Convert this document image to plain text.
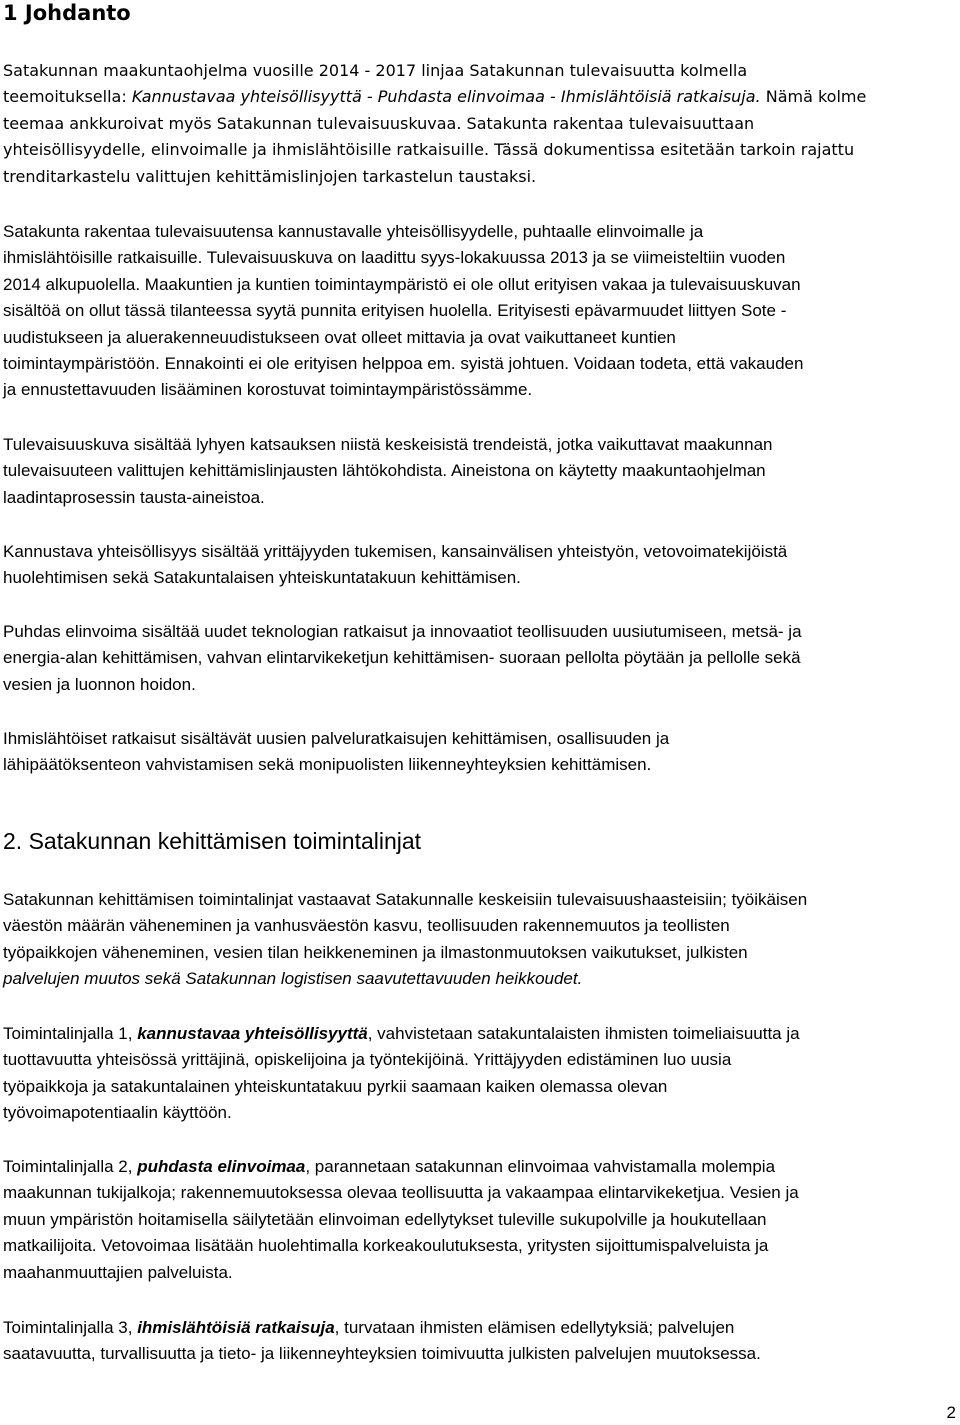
1 Johdanto
Satakunnan maakuntaohjelma vuosille 2014 - 2017 linjaa Satakunnan tulevaisuutta kolmella
teemoituksella: Kannustavaa yhteisöllisyyttä - Puhdasta elinvoimaa - Ihmislähtöisiä ratkaisuja. Nämä kolme
teemaa ankkuroivat myös Satakunnan tulevaisuuskuvaa. Satakunta rakentaa tulevaisuuttaan
yhteisöllisyydelle, elinvoimalle ja ihmislähtöisille ratkaisuille. Tässä dokumentissa esitetään tarkoin rajattu
trenditarkastelu valittujen kehittämislinjojen tarkastelun taustaksi.
Satakunta rakentaa tulevaisuutensa kannustavalle yhteisöllisyydelle, puhtaalle elinvoimalle ja
ihmislähtöisille ratkaisuille. Tulevaisuuskuva on laadittu syys-lokakuussa 2013 ja se viimeisteltiin vuoden
2014 alkupuolella. Maakuntien ja kuntien toimintaympäristö ei ole ollut erityisen vakaa ja tulevaisuuskuvan
sisältöä on ollut tässä tilanteessa syytä punnita erityisen huolella. Erityisesti epävarmuudet liittyen Sote -
uudistukseen ja aluerakenneuudistukseen ovat olleet mittavia ja ovat vaikuttaneet kuntien
toimintaympäristöön. Ennakointi ei ole erityisen helppoa em. syistä johtuen. Voidaan todeta, että vakauden
ja ennustettavuuden lisääminen korostuvat toimintaympäristössämme.
Tulevaisuuskuva sisältää lyhyen katsauksen niistä keskeisistä trendeistä, jotka vaikuttavat maakunnan
tulevaisuuteen valittujen kehittämislinjausten lähtökohdista. Aineistona on käytetty maakuntaohjelman
laadintaprosessin tausta-aineistoa.
Kannustava yhteisöllisyys sisältää yrittäjyyden tukemisen, kansainvälisen yhteistyön, vetovoimatekijöistä
huolehtimisen sekä Satakuntalaisen yhteiskuntatakuun kehittämisen.
Puhdas elinvoima sisältää uudet teknologian ratkaisut ja innovaatiot teollisuuden uusiutumiseen, metsä- ja
energia-alan kehittämisen, vahvan elintarvikeketjun kehittämisen- suoraan pellolta pöytään ja pellolle sekä
vesien ja luonnon hoidon.
Ihmislähtöiset ratkaisut sisältävät uusien palveluratkaisujen kehittämisen, osallisuuden ja
lähipäätöksenteon vahvistamisen sekä monipuolisten liikenneyhteyksien kehittämisen.
2. Satakunnan kehittämisen toimintalinjat
Satakunnan kehittämisen toimintalinjat vastaavat Satakunnalle keskeisiin tulevaisuushaasteisiin; työikäisen
väestön määrän väheneminen ja vanhusväestön kasvu, teollisuuden rakennemuutos ja teollisten
työpaikkojen väheneminen, vesien tilan heikkeneminen ja ilmastonmuutoksen vaikutukset, julkisten
palvelujen muutos sekä Satakunnan logistisen saavutettavuuden heikkoudet.
Toimintalinjalla 1, kannustavaa yhteisöllisyyttä, vahvistetaan satakuntalaisten ihmisten toimeliaisuutta ja
tuottavuutta yhteisössä yrittäjinä, opiskelijoina ja työntekijöinä. Yrittäjyyden edistäminen luo uusia
työpaikkoja ja satakuntalainen yhteiskuntatakuu pyrkii saamaan kaiken olemassa olevan
työvoimapotentiaalin käyttöön.
Toimintalinjalla 2, puhdasta elinvoimaa, parannetaan satakunnan elinvoimaa vahvistamalla molempia
maakunnan tukijalkoja; rakennemuutoksessa olevaa teollisuutta ja vakaampaa elintarvikeketjua. Vesien ja
muun ympäristön hoitamisella säilytetään elinvoiman edellytykset tuleville sukupolville ja houkutellaan
matkailijoita. Vetovoimaa lisätään huolehtimalla korkeakoulutuksesta, yritysten sijoittumispalveluista ja
maahanmuuttajien palveluista.
Toimintalinjalla 3, ihmislähtöisiä ratkaisuja, turvataan ihmisten elämisen edellytyksiä; palvelujen
saatavuutta, turvallisuutta ja tieto- ja liikenneyhteyksien toimivuutta julkisten palvelujen muutoksessa.
2
